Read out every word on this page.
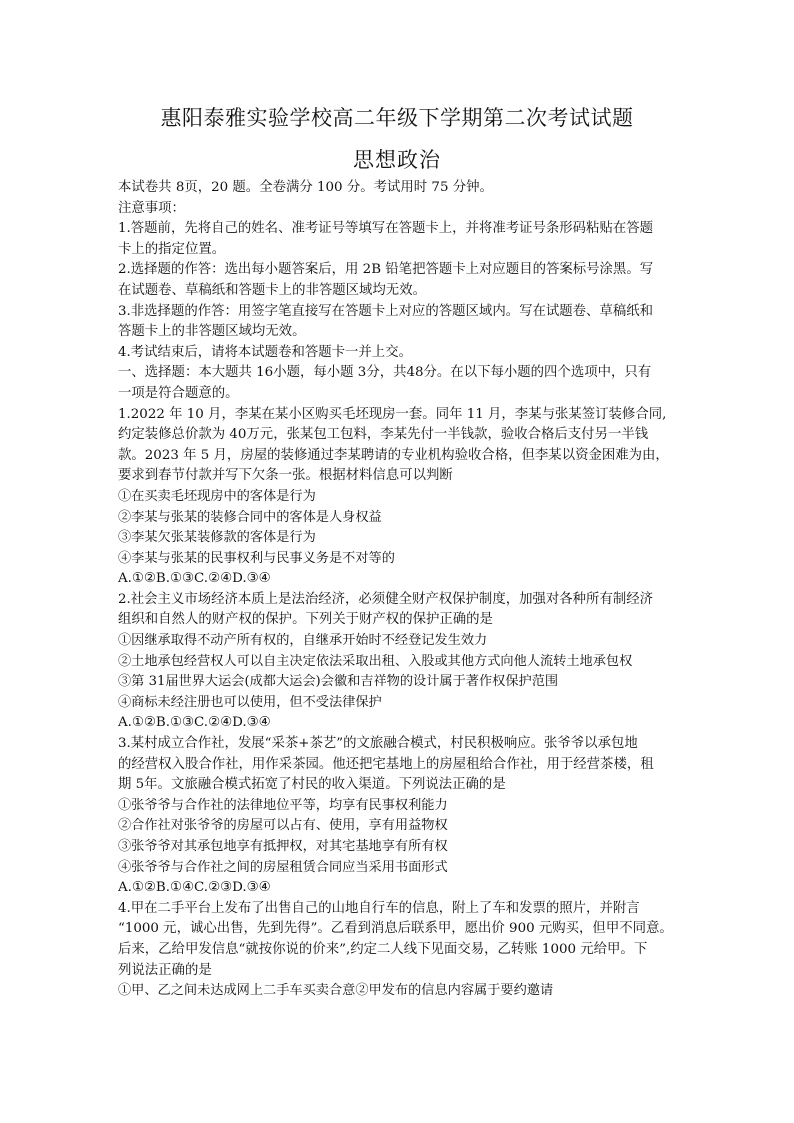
惠阳泰雅实验学校高二年级下学期第二次考试试题
思想政治
本试卷共 8页，20 题。全卷满分 100 分。考试用时 75 分钟。
注意事项：
1.答题前，先将自己的姓名、准考证号等填写在答题卡上，并将准考证号条形码粘贴在答题
卡上的指定位置。
2.选择题的作答：选出每小题答案后，用 2B 铅笔把答题卡上对应题目的答案标号涂黑。写
在试题卷、草稿纸和答题卡上的非答题区域均无效。
3.非选择题的作答：用签字笔直接写在答题卡上对应的答题区域内。写在试题卷、草稿纸和
答题卡上的非答题区域均无效。
4.考试结束后，请将本试题卷和答题卡一并上交。
一、选择题：本大题共 16小题，每小题 3分，共48分。在以下每小题的四个选项中，只有
一项是符合题意的。
1.2022 年 10 月，李某在某小区购买毛坯现房一套。同年 11 月，李某与张某签订装修合同,
约定装修总价款为 40万元，张某包工包料，李某先付一半钱款，验收合格后支付另一半钱
款。2023 年 5 月，房屋的装修通过李某聘请的专业机构验收合格，但李某以资金困难为由，
要求到春节付款并写下欠条一张。根据材料信息可以判断
①在买卖毛坯现房中的客体是行为
②李某与张某的装修合同中的客体是人身权益
③李某欠张某装修款的客体是行为
④李某与张某的民事权利与民事义务是不对等的
A.①②B.①③C.②④D.③④
2.社会主义市场经济本质上是法治经济，必须健全财产权保护制度，加强对各种所有制经济
组织和自然人的财产权的保护。下列关于财产权的保护正确的是
①因继承取得不动产所有权的，自继承开始时不经登记发生效力
②土地承包经营权人可以自主决定依法采取出租、入股或其他方式向他人流转土地承包权
③第 31届世界大运会(成都大运会)会徽和吉祥物的设计属于著作权保护范围
④商标未经注册也可以使用，但不受法律保护
A.①②B.①③C.②④D.③④
3.某村成立合作社，发展“采茶+茶艺”的文旅融合模式，村民积极响应。张爷爷以承包地
的经营权入股合作社，用作采茶园。他还把宅基地上的房屋租给合作社，用于经营茶楼，租
期 5年。文旅融合模式拓宽了村民的收入渠道。下列说法正确的是
①张爷爷与合作社的法律地位平等，均享有民事权利能力
②合作社对张爷爷的房屋可以占有、使用，享有用益物权
③张爷爷对其承包地享有抵押权，对其宅基地享有所有权
④张爷爷与合作社之间的房屋租赁合同应当采用书面形式
A.①②B.①④C.②③D.③④
4.甲在二手平台上发布了出售自己的山地自行车的信息，附上了车和发票的照片，并附言
“1000 元，诚心出售，先到先得”。乙看到消息后联系甲，愿出价 900 元购买，但甲不同意。
后来，乙给甲发信息“就按你说的价来”,约定二人线下见面交易，乙转账 1000 元给甲。下
列说法正确的是
①甲、乙之间未达成网上二手车买卖合意②甲发布的信息内容属于要约邀请
